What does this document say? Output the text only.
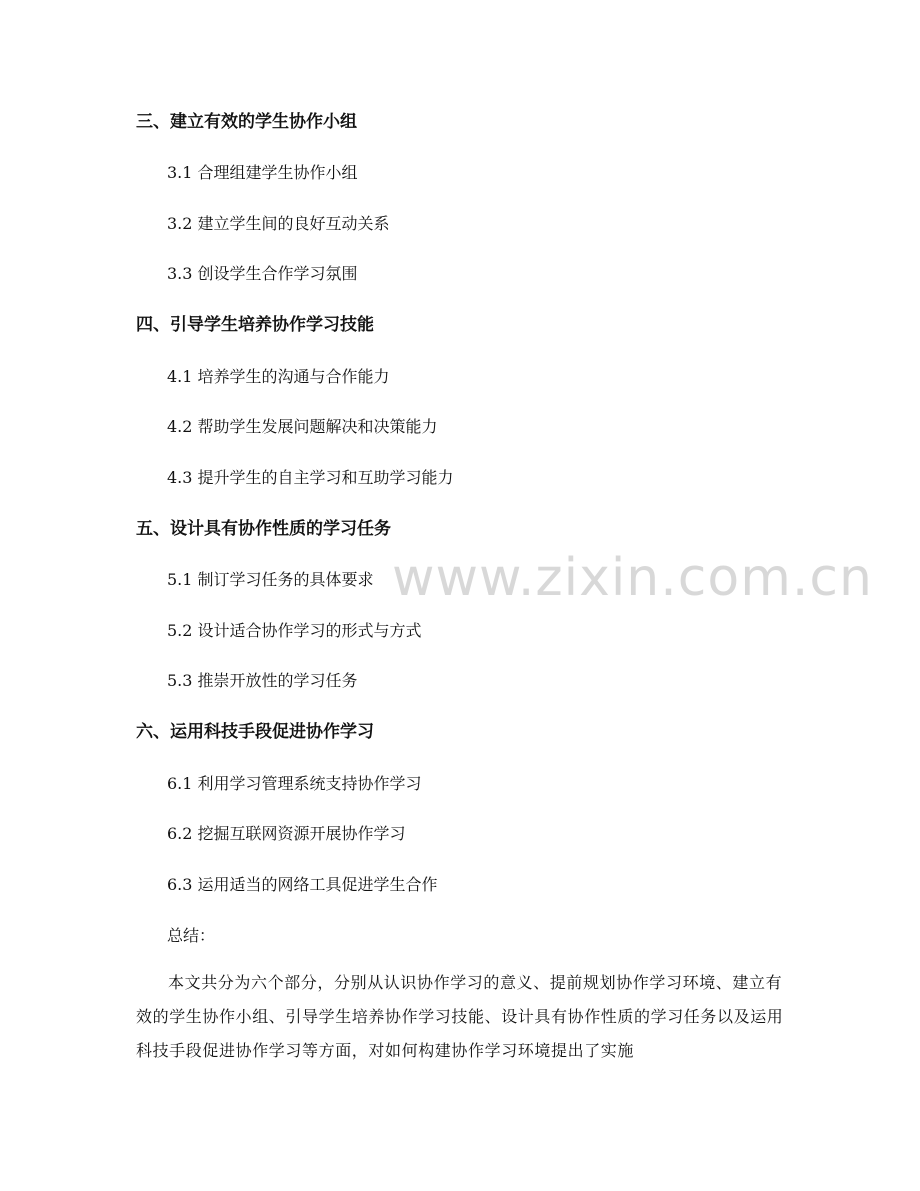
www.zixin.com.cn
三、建立有效的学生协作小组
3.1 合理组建学生协作小组
3.2 建立学生间的良好互动关系
3.3 创设学生合作学习氛围
四、引导学生培养协作学习技能
4.1 培养学生的沟通与合作能力
4.2 帮助学生发展问题解决和决策能力
4.3 提升学生的自主学习和互助学习能力
五、设计具有协作性质的学习任务
5.1 制订学习任务的具体要求
5.2 设计适合协作学习的形式与方式
5.3 推崇开放性的学习任务
六、运用科技手段促进协作学习
6.1 利用学习管理系统支持协作学习
6.2 挖掘互联网资源开展协作学习
6.3 运用适当的网络工具促进学生合作
总结：
本文共分为六个部分，分别从认识协作学习的意义、提前规划协作学习环境、建立有效的学生协作小组、引导学生培养协作学习技能、设计具有协作性质的学习任务以及运用科技手段促进协作学习等方面，对如何构建协作学习环境提出了实施
